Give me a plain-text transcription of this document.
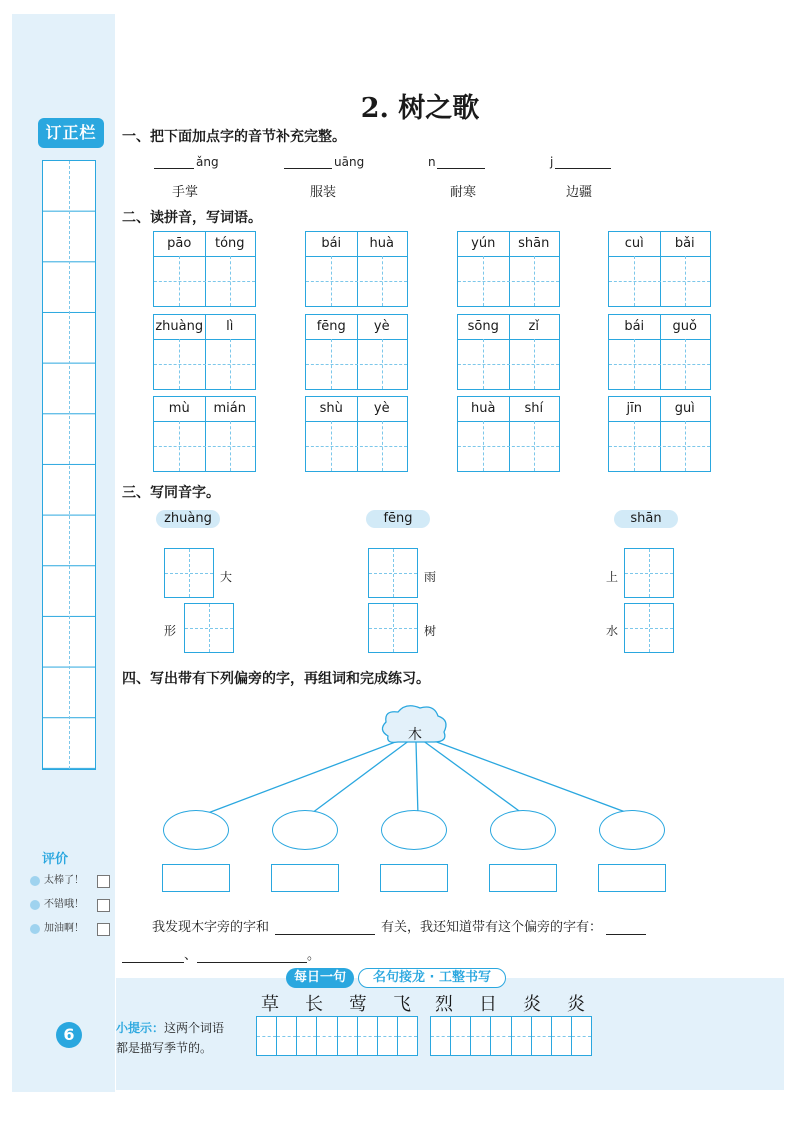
订正栏
评价
太棒了！
不错哦！
加油啊！
6
2. 树之歌
一、把下面加点字的音节补充完整。
ǎng	uāng	n	j
手掌	服装	耐寒	边疆
二、读拼音，写词语。
pāo	tóng	bái	huà	yún	shān	cuì	bǎi
zhuàng	lì	fēng	yè	sōng	zǐ	bái	guǒ
mù	mián	shù	yè	huà	shí	jīn	guì
三、写同音字。
zhuàng	fēng	shān
大
形
雨
树
上
水
四、写出带有下列偏旁的字，再组词和完成练习。
木
我发现木字旁的字和	有关，我还知道带有这个偏旁的字有：
、	。
每日一句	名句接龙 · 工整书写
草 长 莺 飞 烈 日 炎 炎
小提示：这两个词语
都是描写季节的。
